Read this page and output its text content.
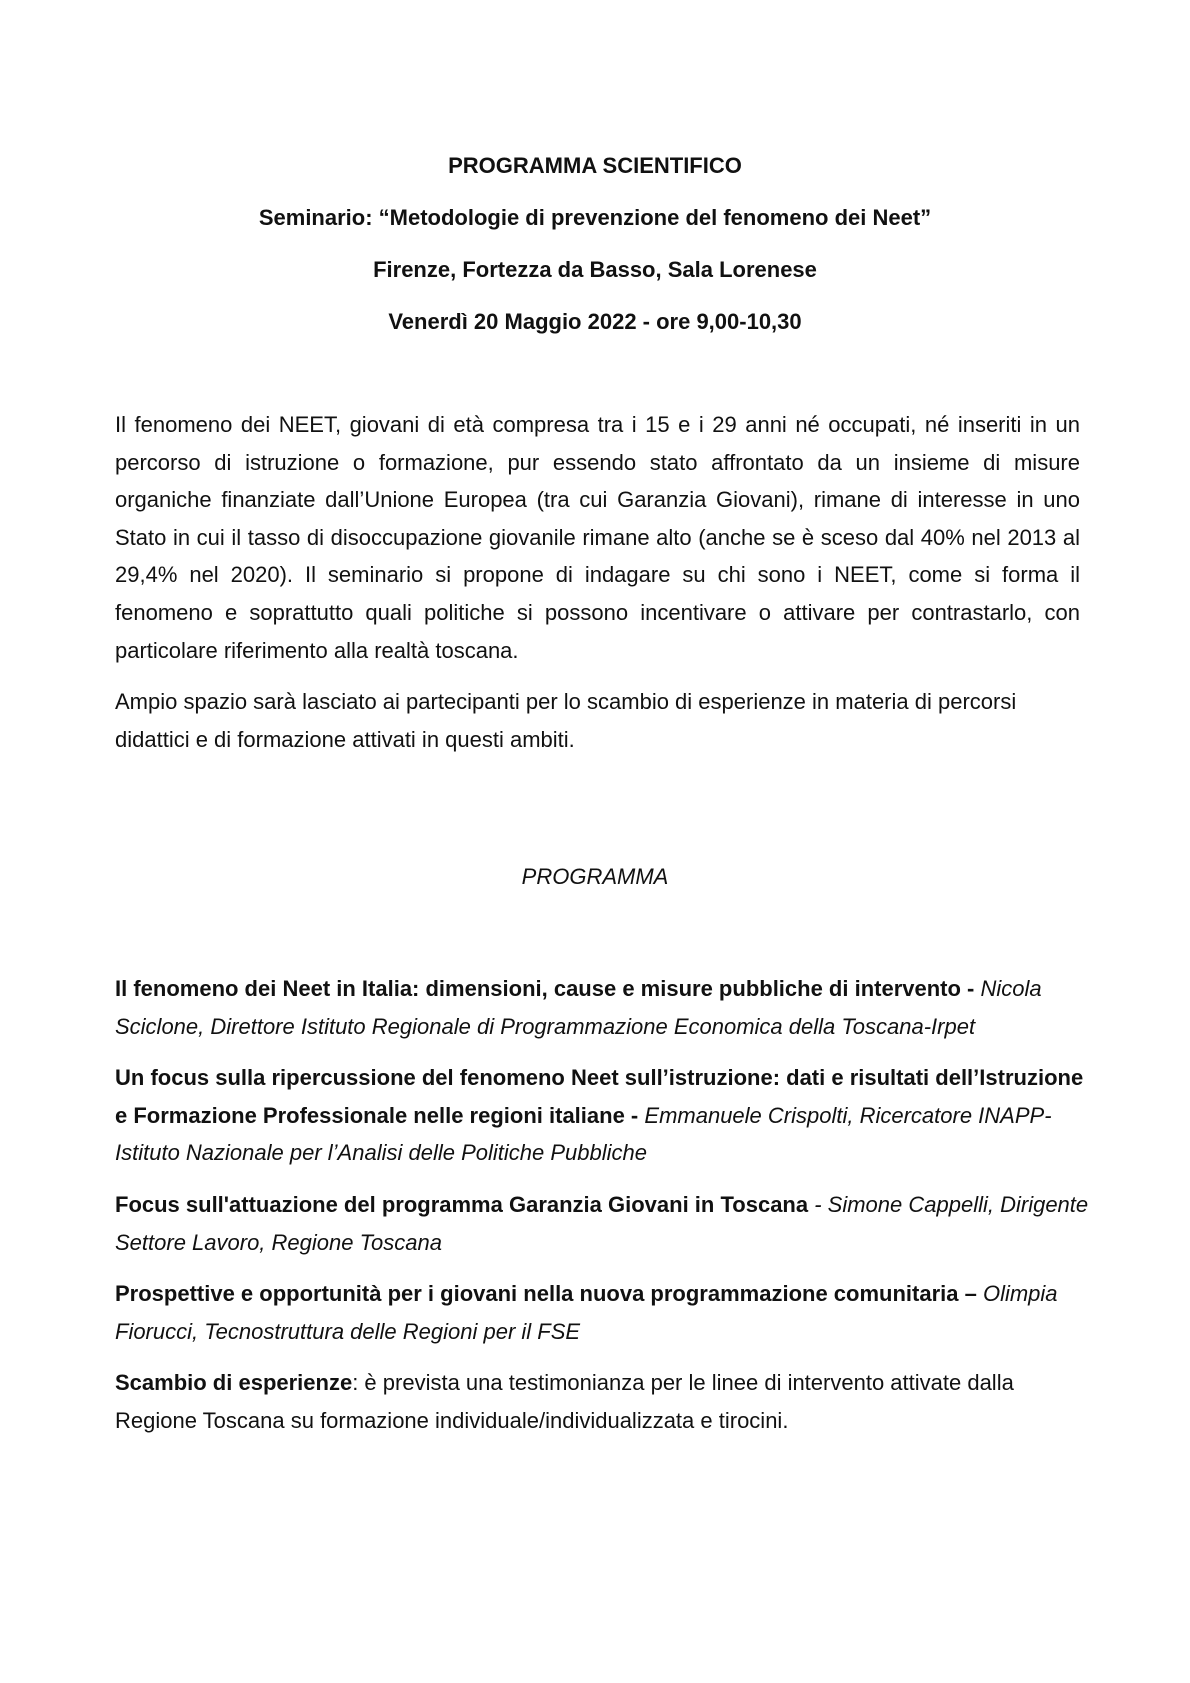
PROGRAMMA SCIENTIFICO

Seminario: “Metodologie di prevenzione del fenomeno dei Neet”

Firenze, Fortezza da Basso, Sala Lorenese

Venerdì 20 Maggio 2022 - ore 9,00-10,30

Il fenomeno dei NEET, giovani di età compresa tra i 15 e i 29 anni né occupati, né inseriti in un percorso di istruzione o formazione, pur essendo stato affrontato da un insieme di misure organiche finanziate dall’Unione Europea (tra cui Garanzia Giovani), rimane di interesse in uno Stato in cui il tasso di disoccupazione giovanile rimane alto (anche se è sceso dal 40% nel 2013 al 29,4% nel 2020). Il seminario si propone di indagare su chi sono i NEET, come si forma il fenomeno e soprattutto quali politiche si possono incentivare o attivare per contrastarlo, con particolare riferimento alla realtà toscana.

Ampio spazio sarà lasciato ai partecipanti per lo scambio di esperienze in materia di percorsi didattici e di formazione attivati in questi ambiti.

PROGRAMMA

Il fenomeno dei Neet in Italia: dimensioni, cause e misure pubbliche di intervento - Nicola Sciclone, Direttore Istituto Regionale di Programmazione Economica della Toscana-Irpet

Un focus sulla ripercussione del fenomeno Neet sull’istruzione: dati e risultati dell’Istruzione e Formazione Professionale nelle regioni italiane - Emmanuele Crispolti, Ricercatore INAPP-Istituto Nazionale per l’Analisi delle Politiche Pubbliche

Focus sull'attuazione del programma Garanzia Giovani in Toscana - Simone Cappelli, Dirigente Settore Lavoro, Regione Toscana

Prospettive e opportunità per i giovani nella nuova programmazione comunitaria – Olimpia Fiorucci, Tecnostruttura delle Regioni per il FSE

Scambio di esperienze: è prevista una testimonianza per le linee di intervento attivate dalla Regione Toscana su formazione individuale/individualizzata e tirocini.
